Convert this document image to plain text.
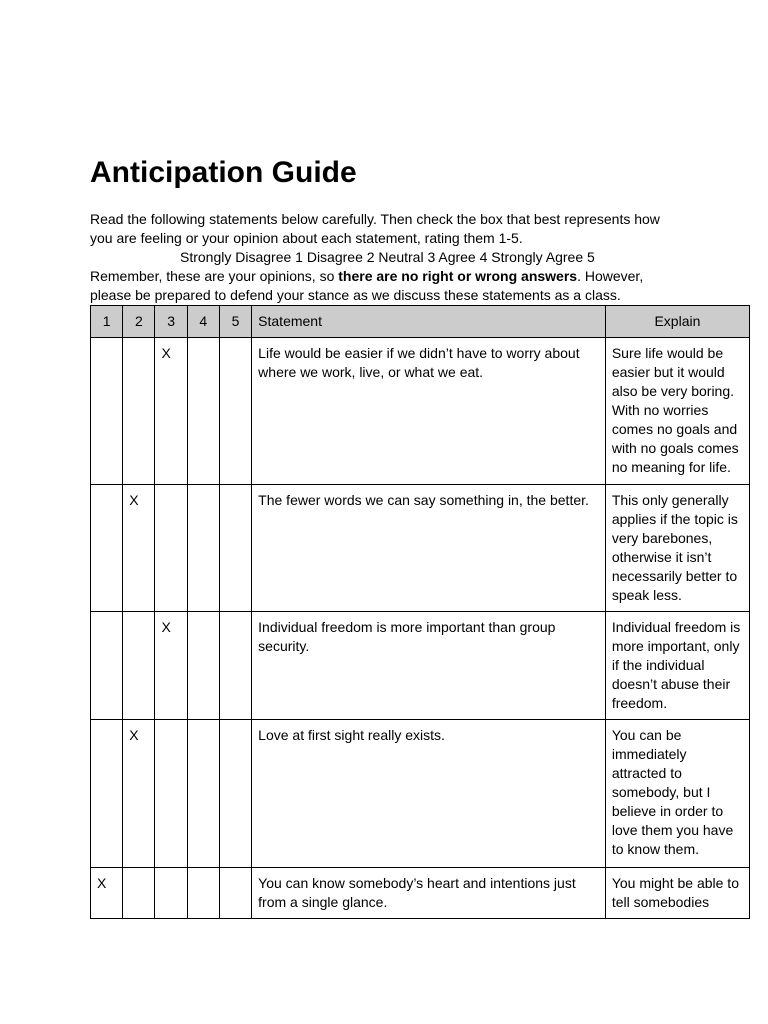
Anticipation Guide

Read the following statements below carefully. Then check the box that best represents how you are feeling or your opinion about each statement, rating them 1-5.

Strongly Disagree 1 Disagree 2 Neutral 3 Agree 4 Strongly Agree 5

Remember, these are your opinions, so there are no right or wrong answers. However, please be prepared to defend your stance as we discuss these statements as a class.

1	2	3	4	5	Statement	Explain
		X			Life would be easier if we didn’t have to worry about where we work, live, or what we eat.	Sure life would be easier but it would also be very boring. With no worries comes no goals and with no goals comes no meaning for life.
	X				The fewer words we can say something in, the better.	This only generally applies if the topic is very barebones, otherwise it isn’t necessarily better to speak less.
		X			Individual freedom is more important than group security.	Individual freedom is more important, only if the individual doesn’t abuse their freedom.
	X				Love at first sight really exists.	You can be immediately attracted to somebody, but I believe in order to love them you have to know them.
X					You can know somebody’s heart and intentions just from a single glance.	You might be able to tell somebodies
